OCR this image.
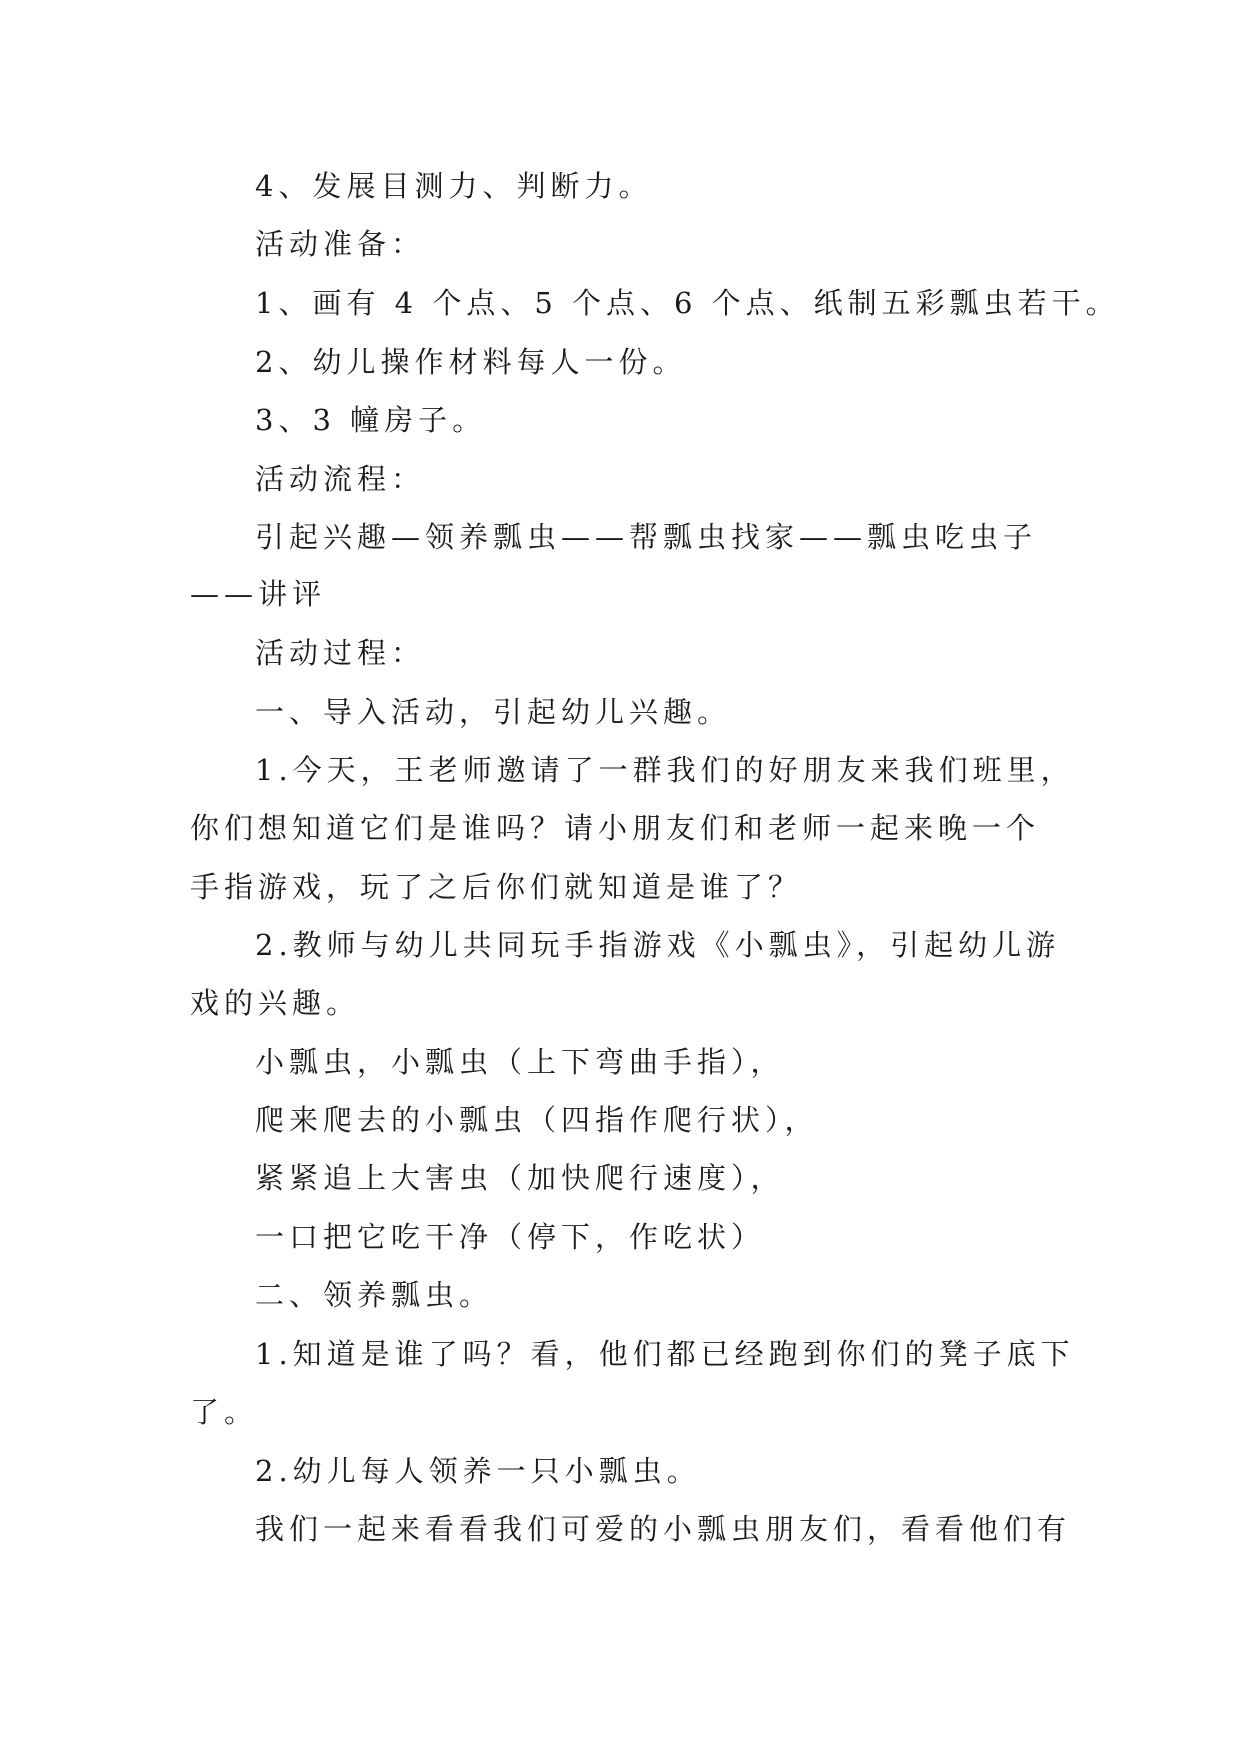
4、发展目测力、判断力。
活动准备：
1、画有 4 个点、5 个点、6 个点、纸制五彩瓢虫若干。
2、幼儿操作材料每人一份。
3、3 幢房子。
活动流程：
引起兴趣—领养瓢虫——帮瓢虫找家——瓢虫吃虫子
——讲评
活动过程：
一、导入活动，引起幼儿兴趣。
1.今天，王老师邀请了一群我们的好朋友来我们班里，
你们想知道它们是谁吗？请小朋友们和老师一起来晚一个
手指游戏，玩了之后你们就知道是谁了？
2.教师与幼儿共同玩手指游戏《小瓢虫》，引起幼儿游
戏的兴趣。
小瓢虫，小瓢虫（上下弯曲手指），
爬来爬去的小瓢虫（四指作爬行状），
紧紧追上大害虫（加快爬行速度），
一口把它吃干净（停下，作吃状）
二、领养瓢虫。
1.知道是谁了吗？看，他们都已经跑到你们的凳子底下
了。
2.幼儿每人领养一只小瓢虫。
我们一起来看看我们可爱的小瓢虫朋友们，看看他们有
